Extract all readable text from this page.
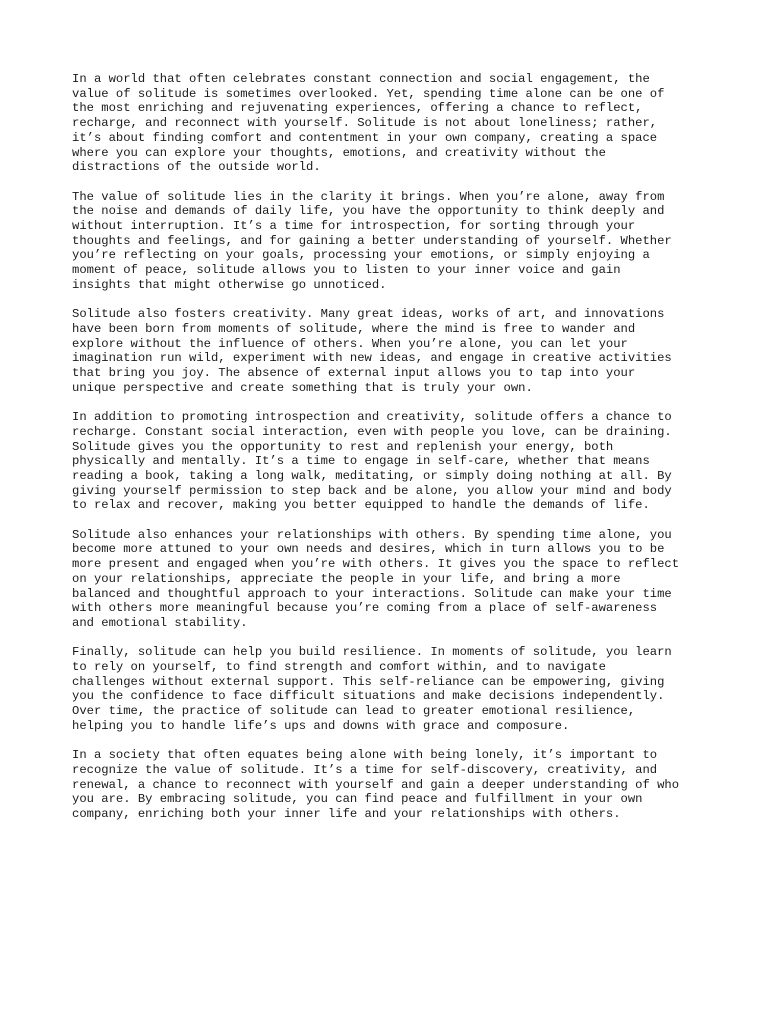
In a world that often celebrates constant connection and social engagement, the
value of solitude is sometimes overlooked. Yet, spending time alone can be one of
the most enriching and rejuvenating experiences, offering a chance to reflect,
recharge, and reconnect with yourself. Solitude is not about loneliness; rather,
it’s about finding comfort and contentment in your own company, creating a space
where you can explore your thoughts, emotions, and creativity without the
distractions of the outside world.

The value of solitude lies in the clarity it brings. When you’re alone, away from
the noise and demands of daily life, you have the opportunity to think deeply and
without interruption. It’s a time for introspection, for sorting through your
thoughts and feelings, and for gaining a better understanding of yourself. Whether
you’re reflecting on your goals, processing your emotions, or simply enjoying a
moment of peace, solitude allows you to listen to your inner voice and gain
insights that might otherwise go unnoticed.

Solitude also fosters creativity. Many great ideas, works of art, and innovations
have been born from moments of solitude, where the mind is free to wander and
explore without the influence of others. When you’re alone, you can let your
imagination run wild, experiment with new ideas, and engage in creative activities
that bring you joy. The absence of external input allows you to tap into your
unique perspective and create something that is truly your own.

In addition to promoting introspection and creativity, solitude offers a chance to
recharge. Constant social interaction, even with people you love, can be draining.
Solitude gives you the opportunity to rest and replenish your energy, both
physically and mentally. It’s a time to engage in self-care, whether that means
reading a book, taking a long walk, meditating, or simply doing nothing at all. By
giving yourself permission to step back and be alone, you allow your mind and body
to relax and recover, making you better equipped to handle the demands of life.

Solitude also enhances your relationships with others. By spending time alone, you
become more attuned to your own needs and desires, which in turn allows you to be
more present and engaged when you’re with others. It gives you the space to reflect
on your relationships, appreciate the people in your life, and bring a more
balanced and thoughtful approach to your interactions. Solitude can make your time
with others more meaningful because you’re coming from a place of self-awareness
and emotional stability.

Finally, solitude can help you build resilience. In moments of solitude, you learn
to rely on yourself, to find strength and comfort within, and to navigate
challenges without external support. This self-reliance can be empowering, giving
you the confidence to face difficult situations and make decisions independently.
Over time, the practice of solitude can lead to greater emotional resilience,
helping you to handle life’s ups and downs with grace and composure.

In a society that often equates being alone with being lonely, it’s important to
recognize the value of solitude. It’s a time for self-discovery, creativity, and
renewal, a chance to reconnect with yourself and gain a deeper understanding of who
you are. By embracing solitude, you can find peace and fulfillment in your own
company, enriching both your inner life and your relationships with others.
